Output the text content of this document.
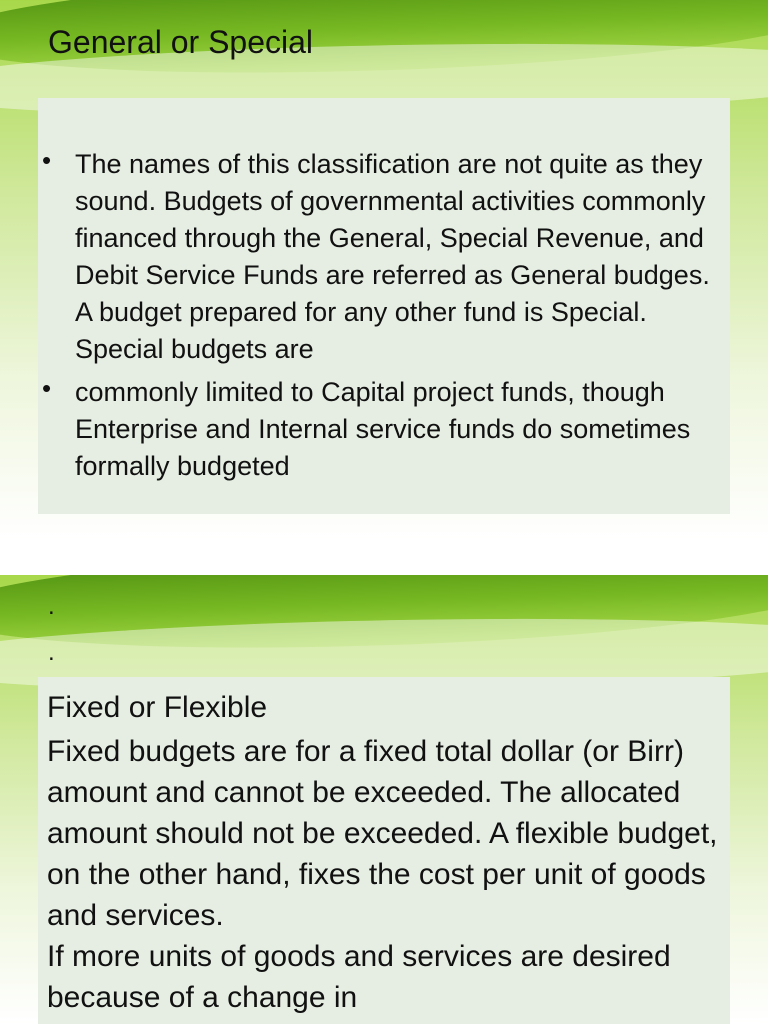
General or Special
• The names of this classification are not quite as they sound. Budgets of governmental activities commonly financed through the General, Special Revenue, and Debit Service Funds are referred as General budges. A budget prepared for any other fund is Special. Special budgets are
• commonly limited to Capital project funds, though Enterprise and Internal service funds do sometimes formally budgeted
.
.
Fixed or Flexible

Fixed budgets are for a fixed total dollar (or Birr) amount and cannot be exceeded. The allocated amount should not be exceeded. A flexible budget, on the other hand, fixes the cost per unit of goods and services.
If more units of goods and services are desired because of a change in
